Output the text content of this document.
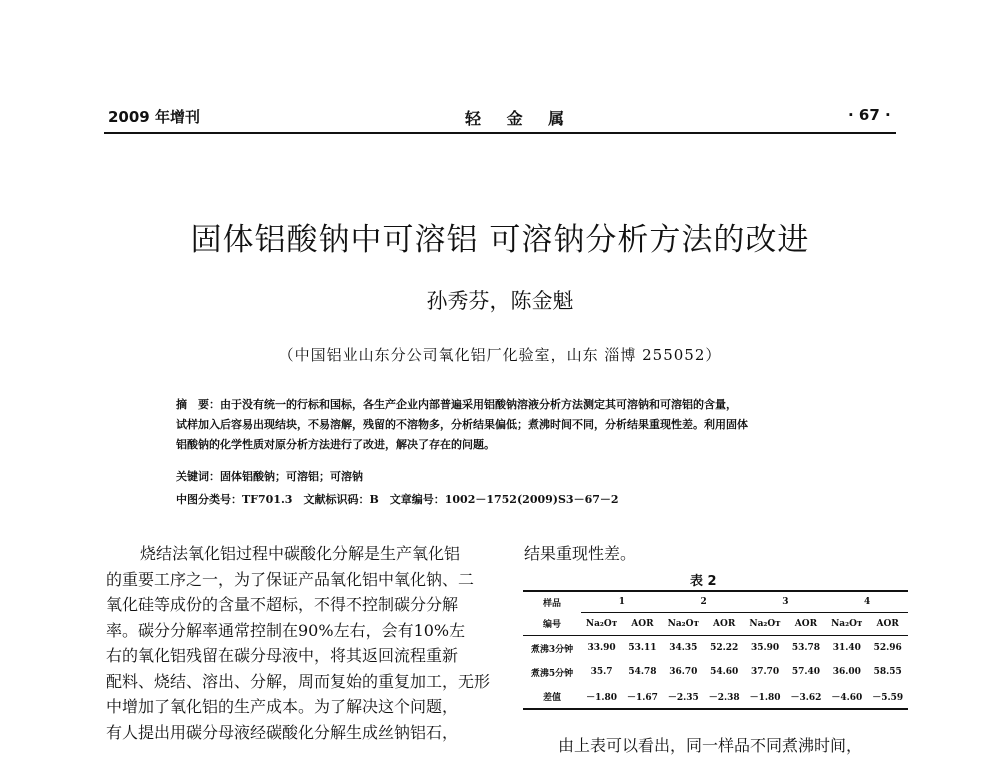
2009 年增刊	轻 金 属	· 67 ·
固体铝酸钠中可溶铝 可溶钠分析方法的改进
孙秀芬，陈金魁
（中国铝业山东分公司氧化铝厂化验室，山东 淄博 255052）
摘　要：由于没有统一的行标和国标，各生产企业内部普遍采用铝酸钠溶液分析方法测定其可溶钠和可溶铝的含量，
试样加入后容易出现结块，不易溶解，残留的不溶物多，分析结果偏低；煮沸时间不同，分析结果重现性差。利用固体
铝酸钠的化学性质对原分析方法进行了改进，解决了存在的问题。
关键词：固体铝酸钠；可溶铝；可溶钠
中图分类号：TF701.3　文献标识码：B　文章编号：1002－1752(2009)S3－67－2
烧结法氧化铝过程中碳酸化分解是生产氧化铝
的重要工序之一，为了保证产品氧化铝中氧化钠、二
氧化硅等成份的含量不超标，不得不控制碳分分解
率。碳分分解率通常控制在90%左右，会有10%左
右的氧化铝残留在碳分母液中，将其返回流程重新
配料、烧结、溶出、分解，周而复始的重复加工，无形
中增加了氧化铝的生产成本。为了解决这个问题，
有人提出用碳分母液经碳酸化分解生成丝钠铝石，
结果重现性差。
表 2
样品	1		2		3		4	
编号	Na₂Oᴛ	AOR	Na₂Oᴛ	AOR	Na₂Oᴛ	AOR	Na₂Oᴛ	AOR
煮沸3分钟	33.90	53.11	34.35	52.22	35.90	53.78	31.40	52.96
煮沸5分钟	35.7	54.78	36.70	54.60	37.70	57.40	36.00	58.55
差值	－1.80	－1.67	－2.35	－2.38	－1.80	－3.62	－4.60	－5.59
由上表可以看出，同一样品不同煮沸时间，
